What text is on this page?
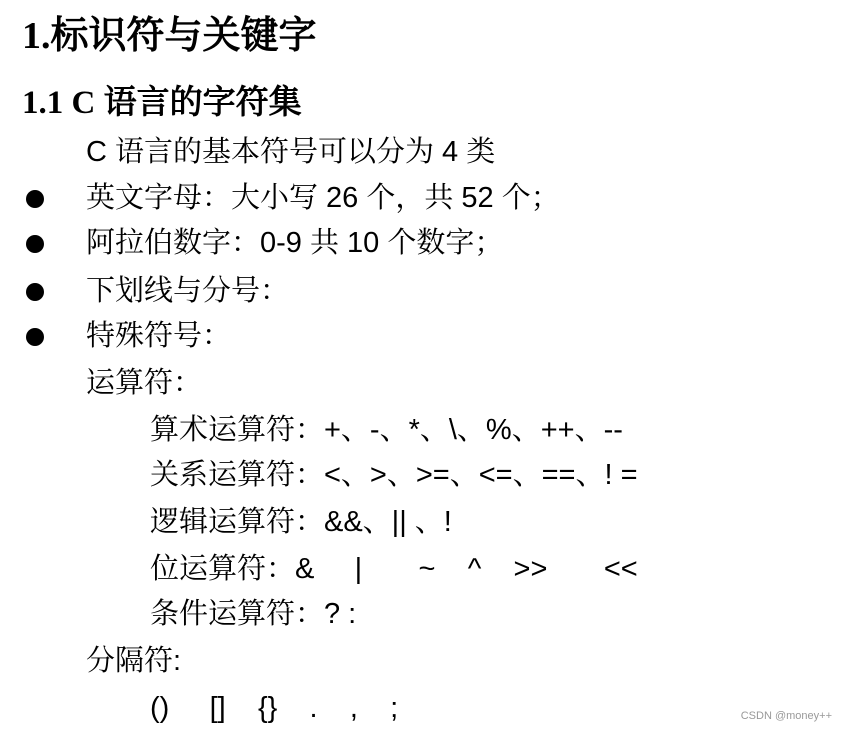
1.标识符与关键字
1.1 C 语言的字符集
C 语言的基本符号可以分为 4 类
英文字母：大小写 26 个，共 52 个；
阿拉伯数字：0-9 共 10 个数字；
下划线与分号：
特殊符号：
运算符：
算术运算符：+、-、*、\、%、++、--
关系运算符：<、>、>=、<=、==、! =
逻辑运算符：&&、|| 、!
位运算符：&     |       ~    ^    >>       <<
条件运算符：? :
分隔符:
()     []    {}    .    ,    ;	CSDN @money++
